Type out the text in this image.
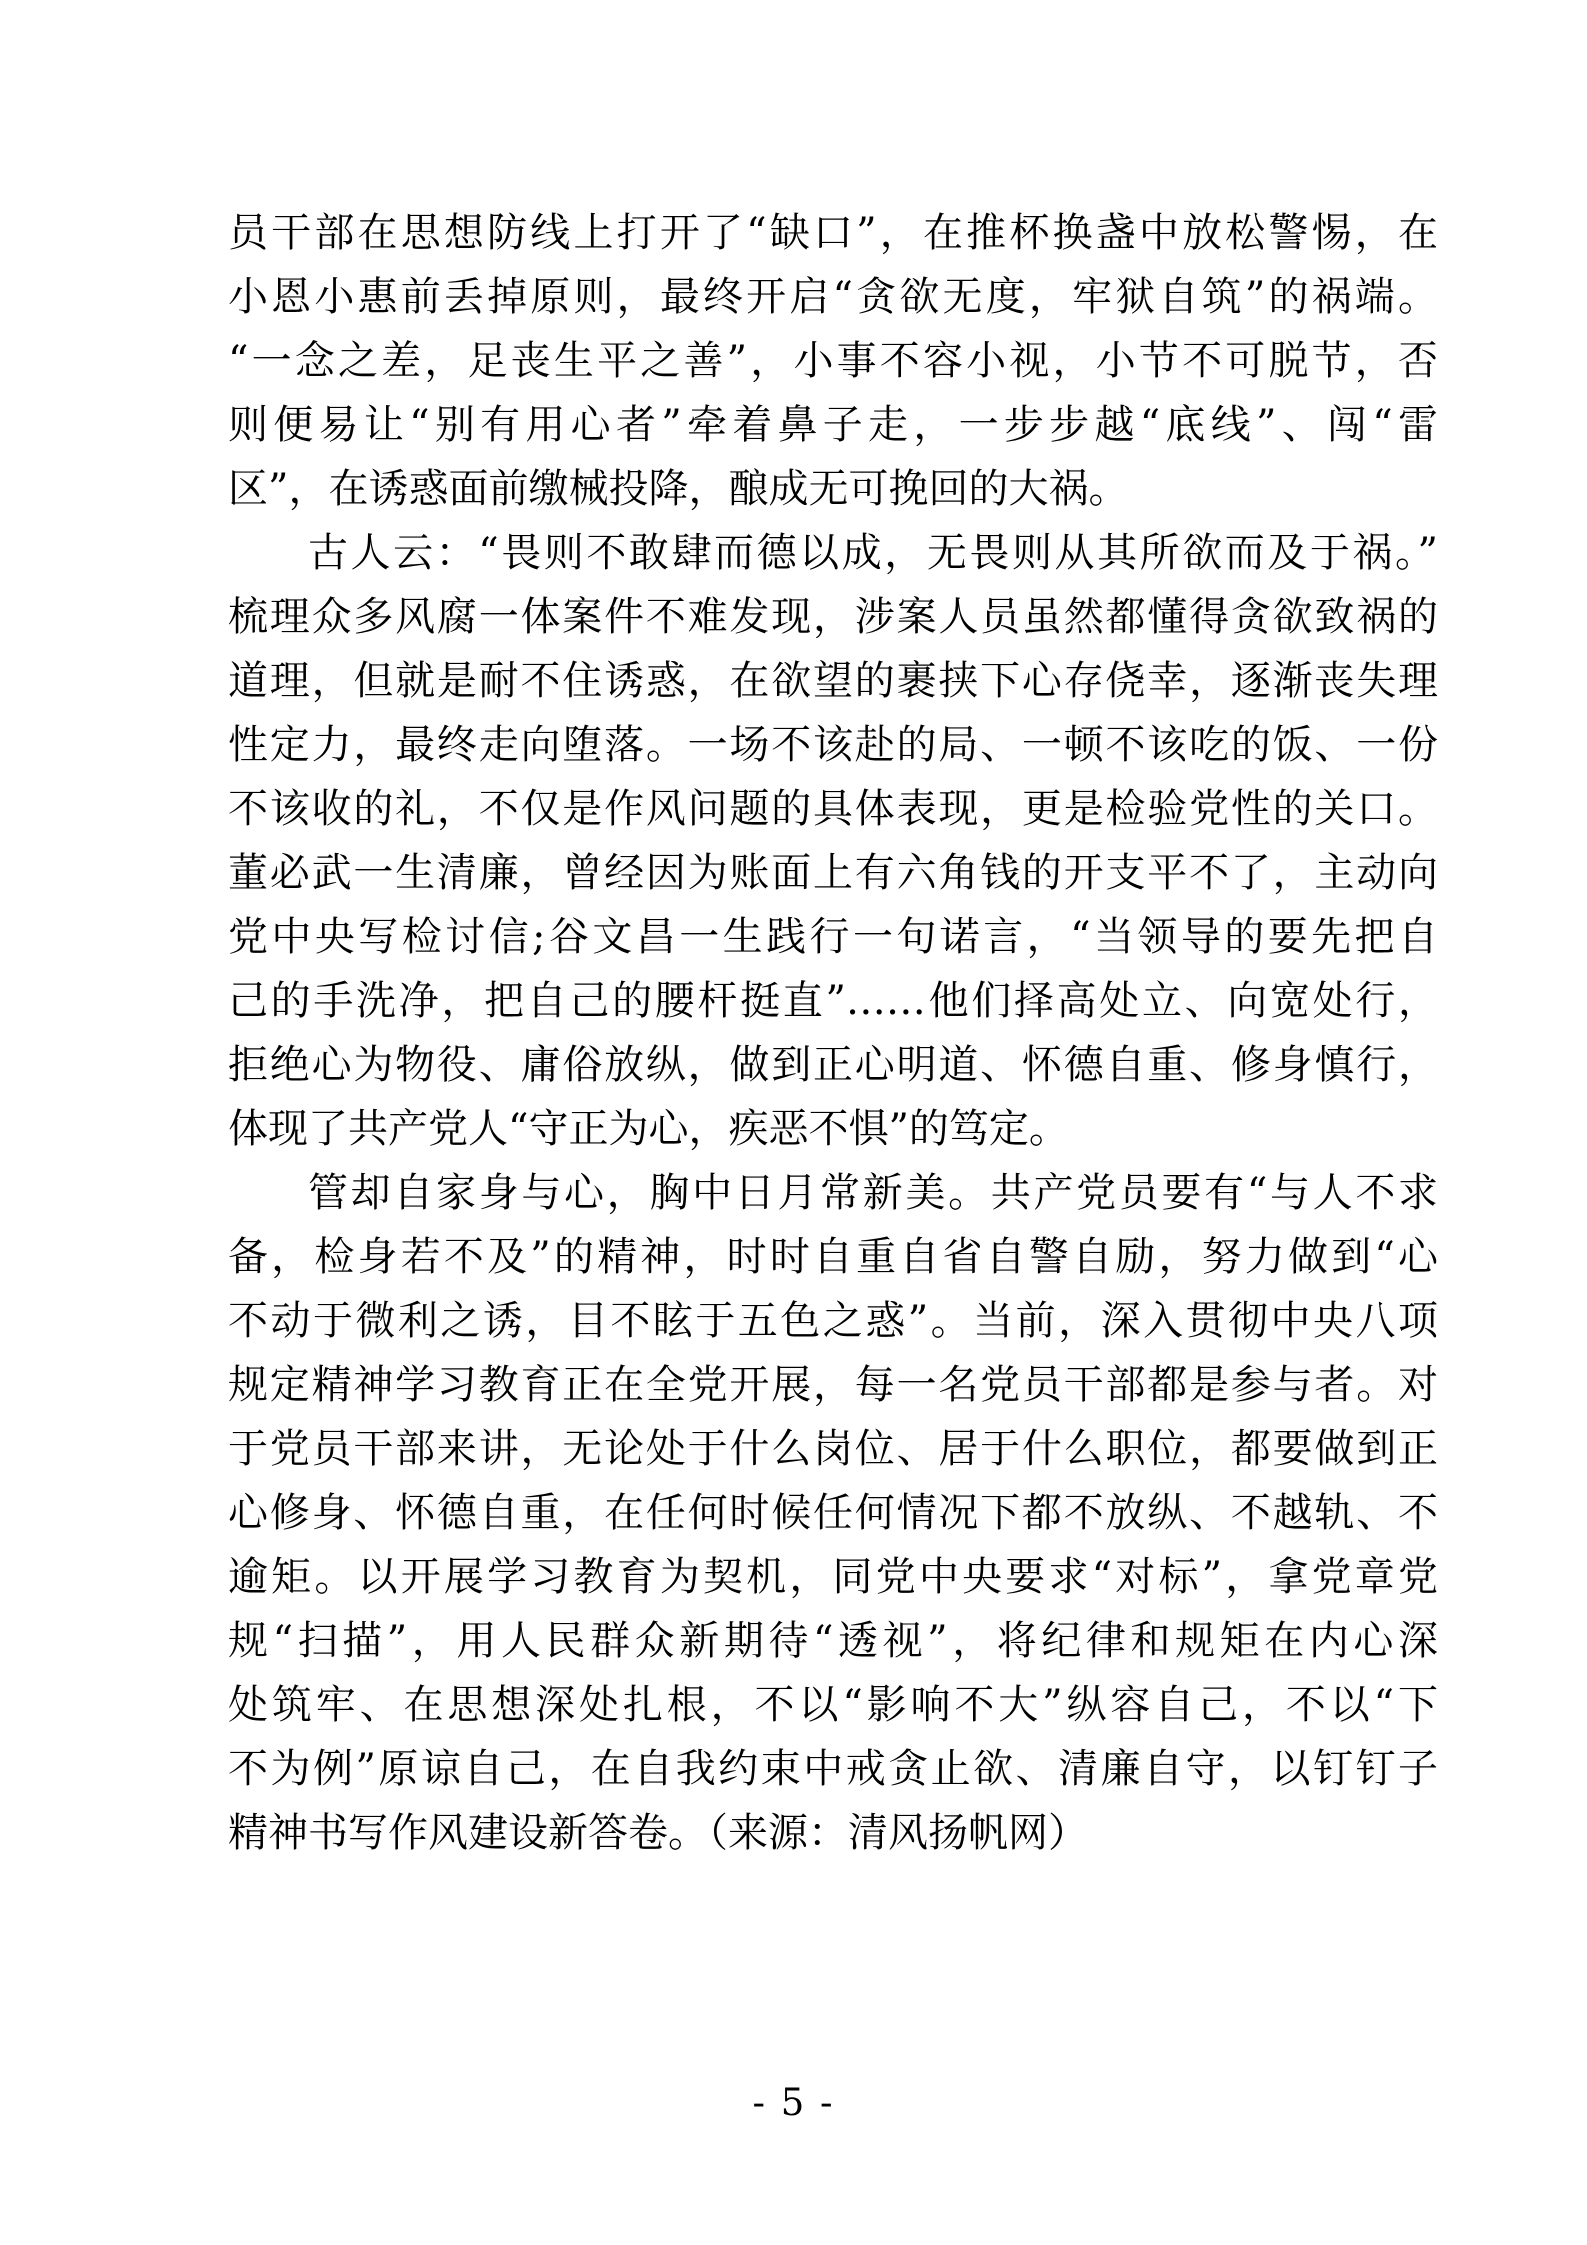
员干部在思想防线上打开了“缺口”，在推杯换盏中放松警惕，在
小恩小惠前丢掉原则，最终开启“贪欲无度，牢狱自筑”的祸端。
“一念之差，足丧生平之善”，小事不容小视，小节不可脱节，否
则便易让“别有用心者”牵着鼻子走，一步步越“底线”、闯“雷
区”，在诱惑面前缴械投降，酿成无可挽回的大祸。
古人云：“畏则不敢肆而德以成，无畏则从其所欲而及于祸。”
梳理众多风腐一体案件不难发现，涉案人员虽然都懂得贪欲致祸的
道理，但就是耐不住诱惑，在欲望的裹挟下心存侥幸，逐渐丧失理
性定力，最终走向堕落。一场不该赴的局、一顿不该吃的饭、一份
不该收的礼，不仅是作风问题的具体表现，更是检验党性的关口。
董必武一生清廉，曾经因为账面上有六角钱的开支平不了，主动向
党中央写检讨信;谷文昌一生践行一句诺言，“当领导的要先把自
己的手洗净，把自己的腰杆挺直”……他们择高处立、向宽处行，
拒绝心为物役、庸俗放纵，做到正心明道、怀德自重、修身慎行，
体现了共产党人“守正为心，疾恶不惧”的笃定。
管却自家身与心，胸中日月常新美。共产党员要有“与人不求
备，检身若不及”的精神，时时自重自省自警自励，努力做到“心
不动于微利之诱，目不眩于五色之惑”。当前，深入贯彻中央八项
规定精神学习教育正在全党开展，每一名党员干部都是参与者。对
于党员干部来讲，无论处于什么岗位、居于什么职位，都要做到正
心修身、怀德自重，在任何时候任何情况下都不放纵、不越轨、不
逾矩。以开展学习教育为契机，同党中央要求“对标”，拿党章党
规“扫描”，用人民群众新期待“透视”，将纪律和规矩在内心深
处筑牢、在思想深处扎根，不以“影响不大”纵容自己，不以“下
不为例”原谅自己，在自我约束中戒贪止欲、清廉自守，以钉钉子
精神书写作风建设新答卷。（来源：清风扬帆网）
- 5 -
